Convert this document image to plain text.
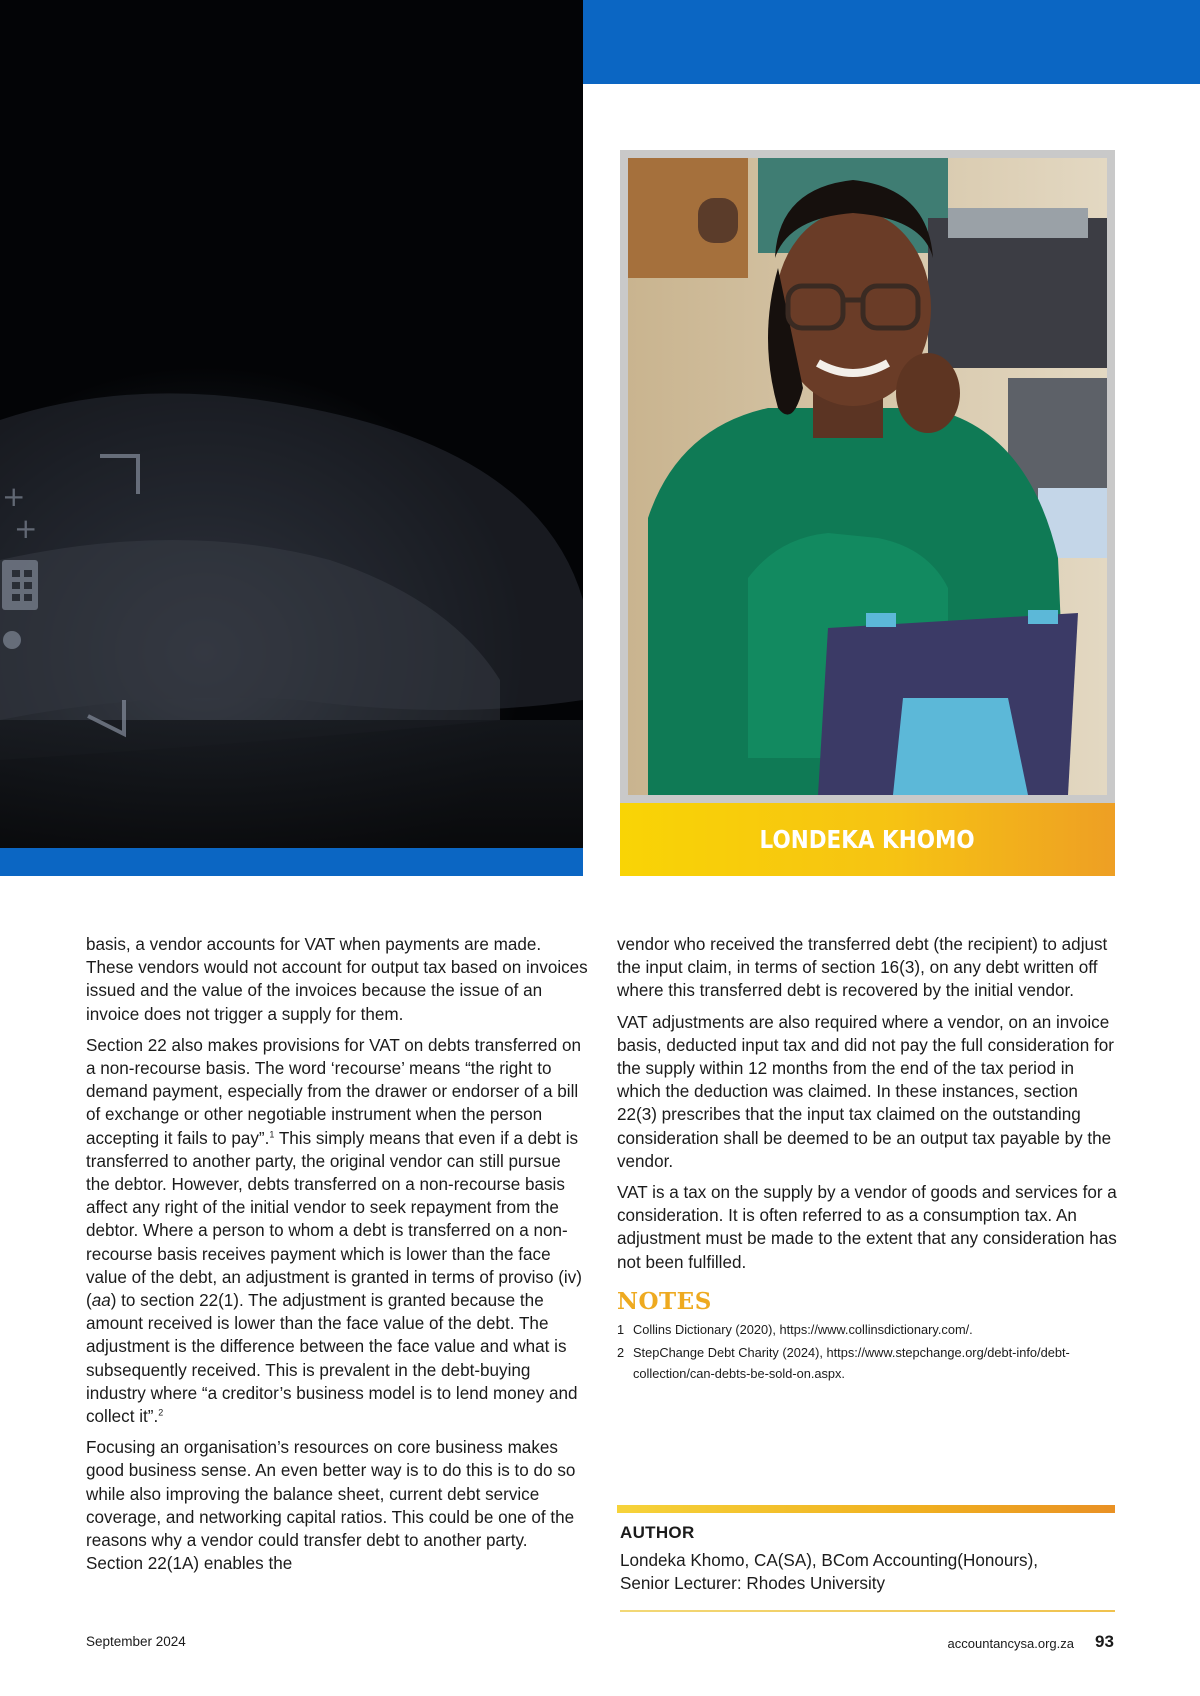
+
+
LONDEKA KHOMO

basis, a vendor accounts for VAT when payments are made. These vendors would not account for output tax based on invoices issued and the value of the invoices because the issue of an invoice does not trigger a supply for them.

Section 22 also makes provisions for VAT on debts transferred on a non-recourse basis. The word ‘recourse’ means “the right to demand payment, especially from the drawer or endorser of a bill of exchange or other negotiable instrument when the person accepting it fails to pay”.$^1$ This simply means that even if a debt is transferred to another party, the original vendor can still pursue the debtor. However, debts transferred on a non-recourse basis affect any right of the initial vendor to seek repayment from the debtor. Where a person to whom a debt is transferred on a non-recourse basis receives payment which is lower than the face value of the debt, an adjustment is granted in terms of proviso (iv)(aa) to section 22(1). The adjustment is granted because the amount received is lower than the face value of the debt. The adjustment is the difference between the face value and what is subsequently received. This is prevalent in the debt-buying industry where “a creditor’s business model is to lend money and collect it”.$^2$

Focusing an organisation’s resources on core business makes good business sense. An even better way is to do this is to do so while also improving the balance sheet, current debt service coverage, and networking capital ratios. This could be one of the reasons why a vendor could transfer debt to another party. Section 22(1A) enables the

vendor who received the transferred debt (the recipient) to adjust the input claim, in terms of section 16(3), on any debt written off where this transferred debt is recovered by the initial vendor.

VAT adjustments are also required where a vendor, on an invoice basis, deducted input tax and did not pay the full consideration for the supply within 12 months from the end of the tax period in which the deduction was claimed. In these instances, section 22(3) prescribes that the input tax claimed on the outstanding consideration shall be deemed to be an output tax payable by the vendor.

VAT is a tax on the supply by a vendor of goods and services for a consideration. It is often referred to as a consumption tax. An adjustment must be made to the extent that any consideration has not been fulfilled.

NOTES
1 Collins Dictionary (2020), https://www.collinsdictionary.com/.
2 StepChange Debt Charity (2024), https://www.stepchange.org/debt-info/debt-collection/can-debts-be-sold-on.aspx.

AUTHOR

Londeka Khomo, CA(SA), BCom Accounting(Honours),
Senior Lecturer: Rhodes University

September 2024	accountancysa.org.za 93
